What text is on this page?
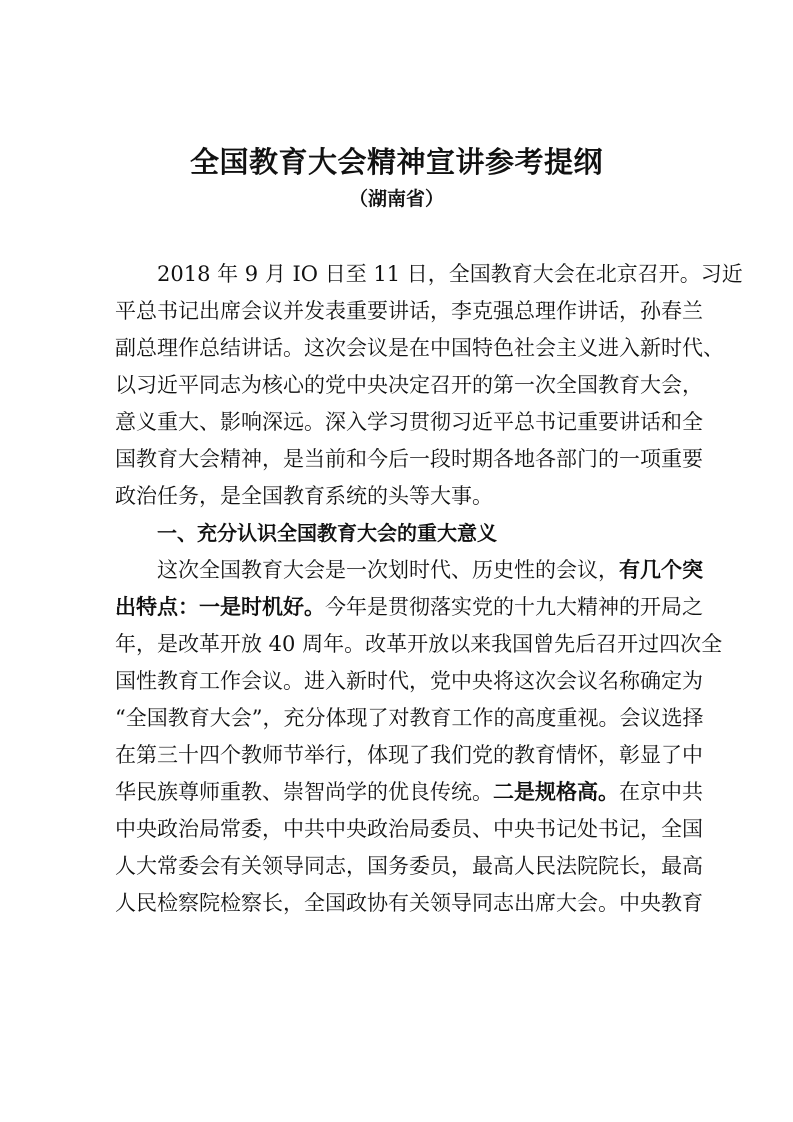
全国教育大会精神宣讲参考提纲
（湖南省）
2018 年 9 月 IO 日至 11 日，全国教育大会在北京召开。习近
平总书记出席会议并发表重要讲话，李克强总理作讲话，孙春兰
副总理作总结讲话。这次会议是在中国特色社会主义进入新时代、
以习近平同志为核心的党中央决定召开的第一次全国教育大会，
意义重大、影响深远。深入学习贯彻习近平总书记重要讲话和全
国教育大会精神，是当前和今后一段时期各地各部门的一项重要
政治任务，是全国教育系统的头等大事。
一、充分认识全国教育大会的重大意义
这次全国教育大会是一次划时代、历史性的会议，有几个突
出特点：一是时机好。今年是贯彻落实党的十九大精神的开局之
年，是改革开放 40 周年。改革开放以来我国曾先后召开过四次全
国性教育工作会议。进入新时代，党中央将这次会议名称确定为
“全国教育大会”，充分体现了对教育工作的高度重视。会议选择
在第三十四个教师节举行，体现了我们党的教育情怀，彰显了中
华民族尊师重教、崇智尚学的优良传统。二是规格高。在京中共
中央政治局常委，中共中央政治局委员、中央书记处书记，全国
人大常委会有关领导同志，国务委员，最高人民法院院长，最高
人民检察院检察长，全国政协有关领导同志出席大会。中央教育
